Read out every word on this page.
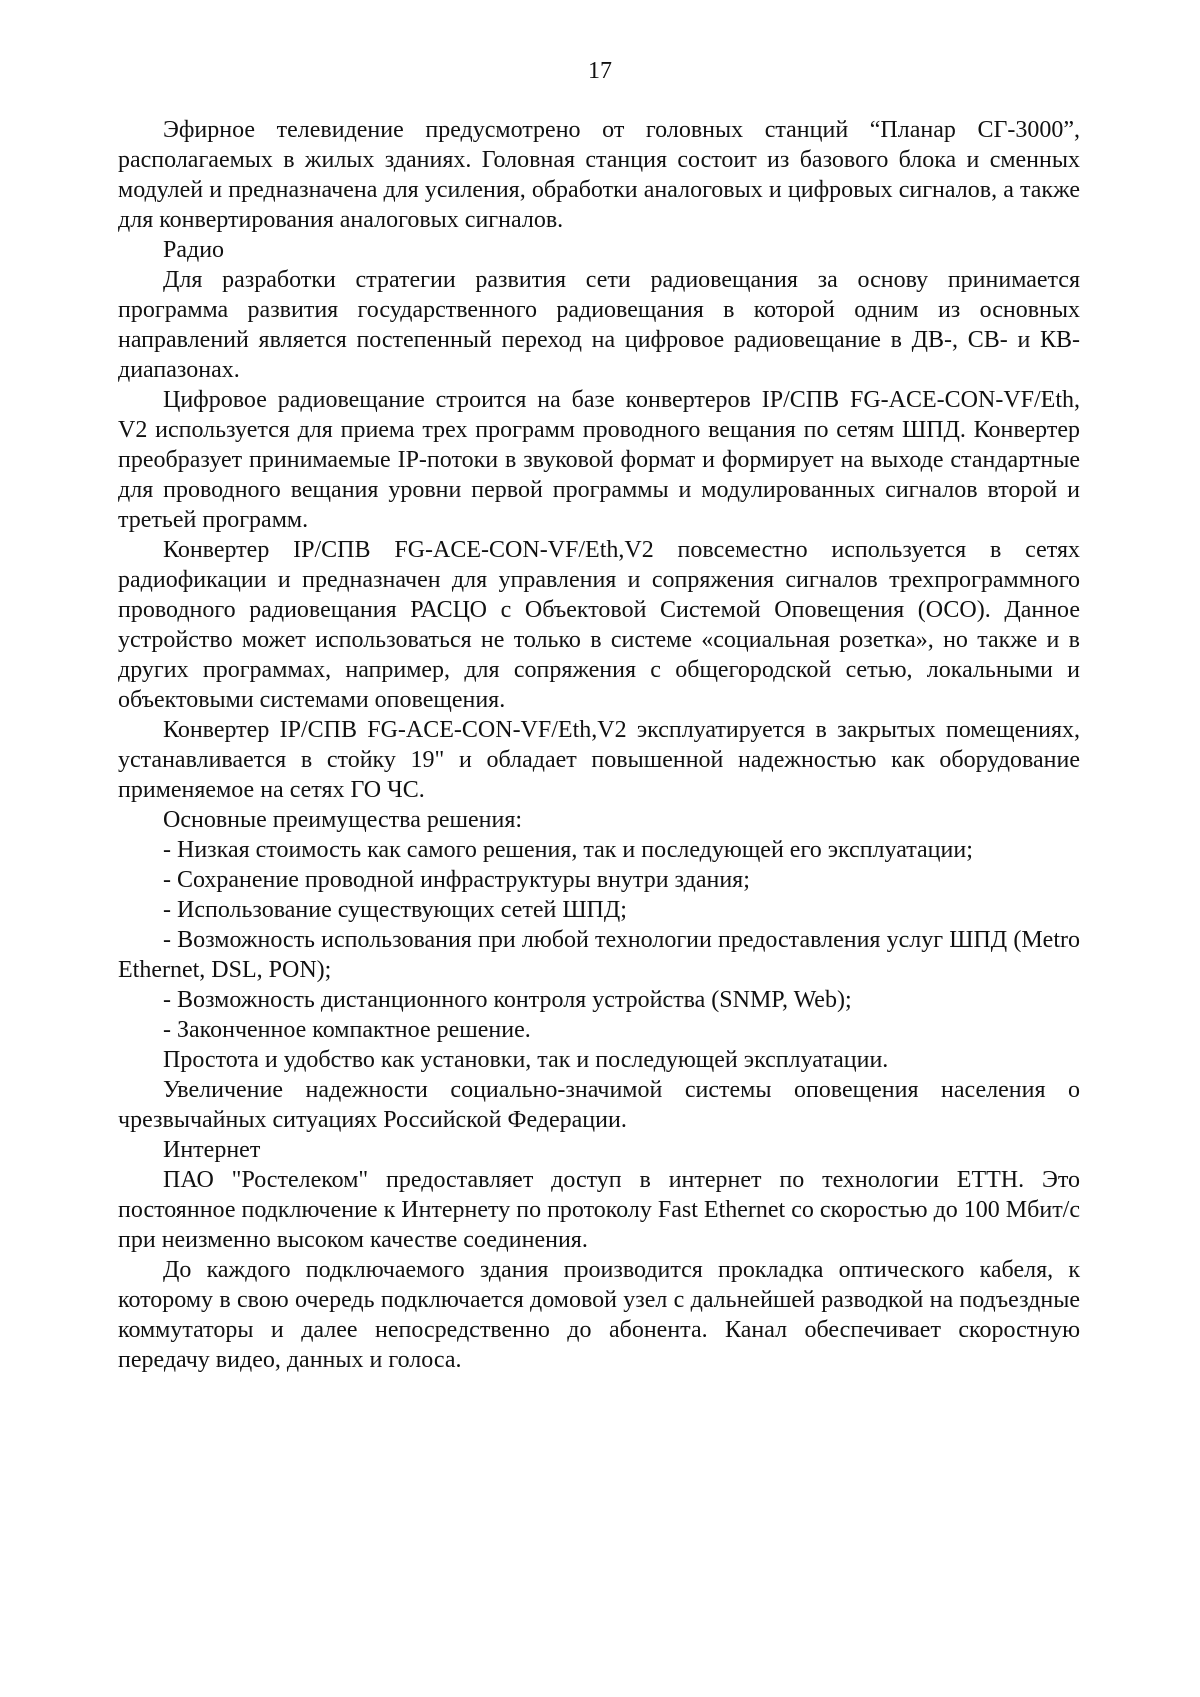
17

Эфирное телевидение предусмотрено от головных станций “Планар СГ-3000”, располагаемых в жилых зданиях. Головная станция состоит из базового блока и сменных модулей и предназначена для усиления, обработки аналоговых и цифровых сигналов, а также для конвертирования аналоговых сигналов.

Радио

Для разработки стратегии развития сети радиовещания за основу принимается программа развития государственного радиовещания в которой одним из основных направлений является постепенный переход на цифровое радиовещание в ДВ-, СВ- и КВ-диапазонах.

Цифровое радиовещание строится на базе конвертеров IP/СПВ FG-ACE-CON-VF/Eth, V2 используется для приема трех программ проводного вещания по сетям ШПД. Конвертер преобразует принимаемые IP-потоки в звуковой формат и формирует на выходе стандартные для проводного вещания уровни первой программы и модулированных сигналов второй и третьей программ.

Конвертер IP/СПВ FG-ACE-CON-VF/Eth,V2 повсеместно используется в сетях радиофикации и предназначен для управления и сопряжения сигналов трехпрограммного проводного радиовещания РАСЦО с Объектовой Системой Оповещения (ОСО). Данное устройство может использоваться не только в системе «социальная розетка», но также и в других программах, например, для сопряжения с общегородской сетью, локальными и объектовыми системами оповещения.

Конвертер IP/СПВ FG-ACE-CON-VF/Eth,V2 эксплуатируется в закрытых помещениях, устанавливается в стойку 19" и обладает повышенной надежностью как оборудование применяемое на сетях ГО ЧС.

Основные преимущества решения:

- Низкая стоимость как самого решения, так и последующей его эксплуатации;

- Сохранение проводной инфраструктуры внутри здания;

- Использование существующих сетей ШПД;

- Возможность использования при любой технологии предоставления услуг ШПД (Metro Ethernet, DSL, PON);

- Возможность дистанционного контроля устройства (SNMP, Web);

- Законченное компактное решение.

Простота и удобство как установки, так и последующей эксплуатации.

Увеличение надежности социально-значимой системы оповещения населения о чрезвычайных ситуациях Российской Федерации.

Интернет

ПАО "Ростелеком" предоставляет доступ в интернет по технологии ETTH. Это постоянное подключение к Интернету по протоколу Fast Ethernet со скоростью до 100 Мбит/с при неизменно высоком качестве соединения.

До каждого подключаемого здания производится прокладка оптического кабеля, к которому в свою очередь подключается домовой узел с дальнейшей разводкой на подъездные коммутаторы и далее непосредственно до абонента. Канал обеспечивает скоростную передачу видео, данных и голоса.
